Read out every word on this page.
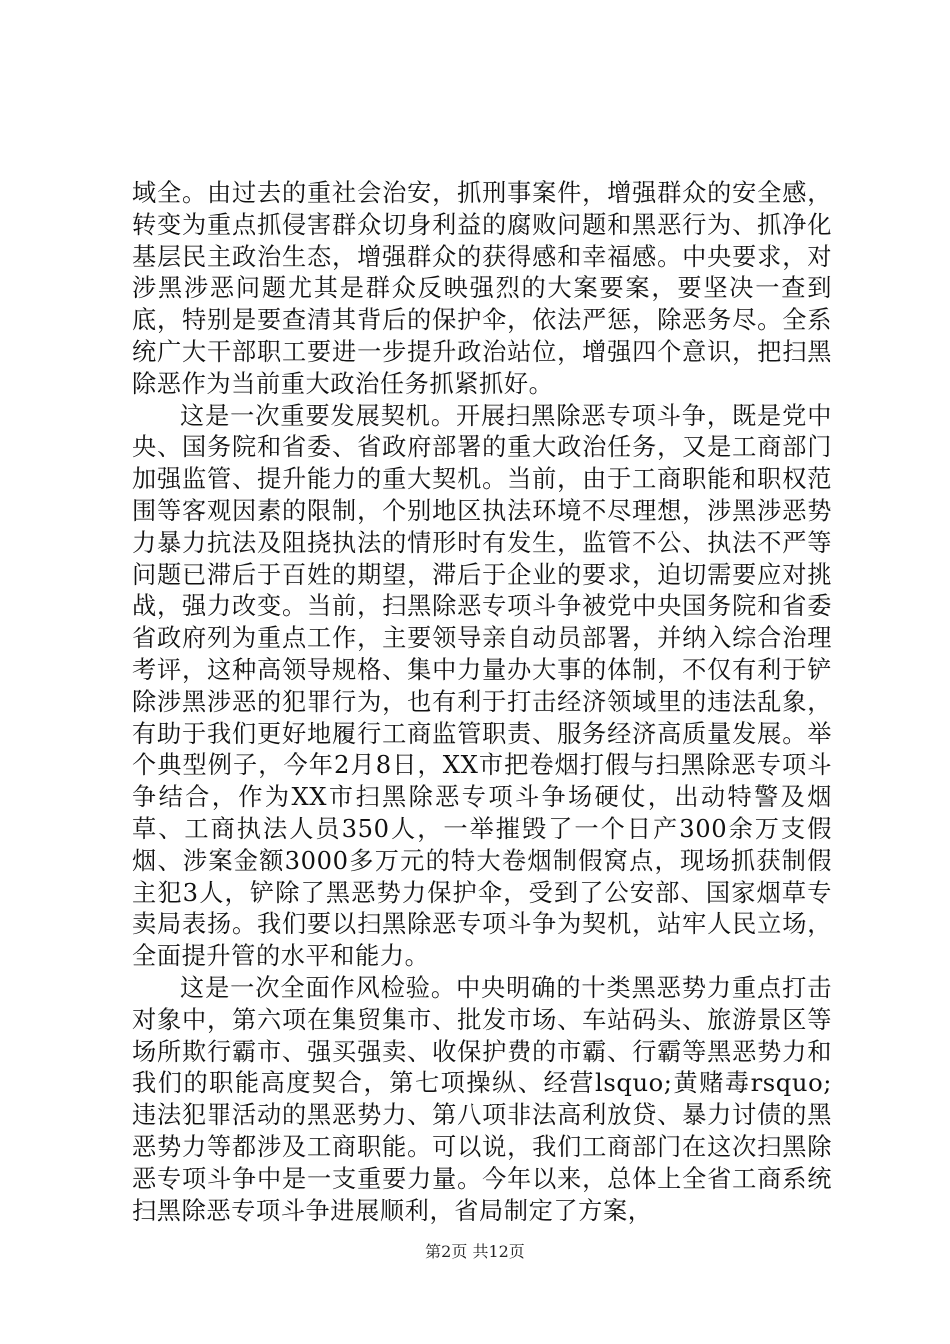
域全。由过去的重社会治安，抓刑事案件，增强群众的安全感，转变为重点抓侵害群众切身利益的腐败问题和黑恶行为、抓净化基层民主政治生态，增强群众的获得感和幸福感。中央要求，对涉黑涉恶问题尤其是群众反映强烈的大案要案，要坚决一查到底，特别是要查清其背后的保护伞，依法严惩，除恶务尽。全系统广大干部职工要进一步提升政治站位，增强四个意识，把扫黑除恶作为当前重大政治任务抓紧抓好。

这是一次重要发展契机。开展扫黑除恶专项斗争，既是党中央、国务院和省委、省政府部署的重大政治任务，又是工商部门加强监管、提升能力的重大契机。当前，由于工商职能和职权范围等客观因素的限制，个别地区执法环境不尽理想，涉黑涉恶势力暴力抗法及阻挠执法的情形时有发生，监管不公、执法不严等问题已滞后于百姓的期望，滞后于企业的要求，迫切需要应对挑战，强力改变。当前，扫黑除恶专项斗争被党中央国务院和省委省政府列为重点工作，主要领导亲自动员部署，并纳入综合治理考评，这种高领导规格、集中力量办大事的体制，不仅有利于铲除涉黑涉恶的犯罪行为，也有利于打击经济领域里的违法乱象，有助于我们更好地履行工商监管职责、服务经济高质量发展。举个典型例子，今年2月8日，XX市把卷烟打假与扫黑除恶专项斗争结合，作为XX市扫黑除恶专项斗争场硬仗，出动特警及烟草、工商执法人员350人，一举摧毁了一个日产300余万支假烟、涉案金额3000多万元的特大卷烟制假窝点，现场抓获制假主犯3人，铲除了黑恶势力保护伞，受到了公安部、国家烟草专卖局表扬。我们要以扫黑除恶专项斗争为契机，站牢人民立场，全面提升管的水平和能力。

这是一次全面作风检验。中央明确的十类黑恶势力重点打击对象中，第六项在集贸集市、批发市场、车站码头、旅游景区等场所欺行霸市、强买强卖、收保护费的市霸、行霸等黑恶势力和我们的职能高度契合，第七项操纵、经营lsquo;黄赌毒rsquo;违法犯罪活动的黑恶势力、第八项非法高利放贷、暴力讨债的黑恶势力等都涉及工商职能。可以说，我们工商部门在这次扫黑除恶专项斗争中是一支重要力量。今年以来，总体上全省工商系统扫黑除恶专项斗争进展顺利，省局制定了方案，

第2页 共12页
